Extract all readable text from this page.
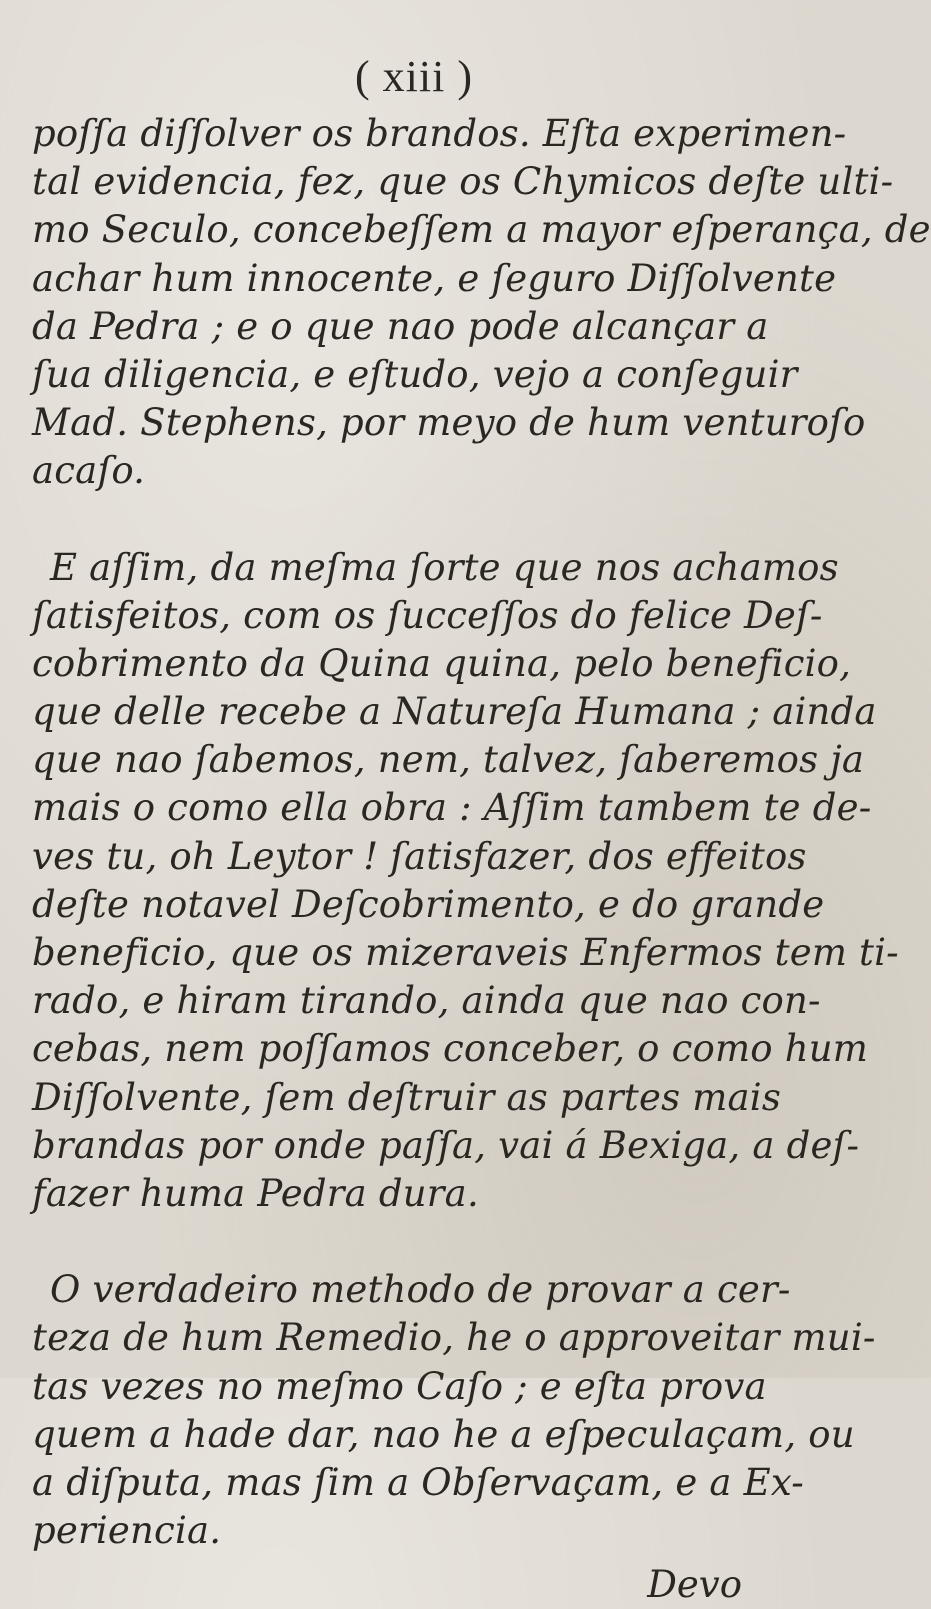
( xiii )
poſſa diſſolver os brandos. Eſta experimen-
tal evidencia, fez, que os Chymicos deſte ulti-
mo Seculo, concebeſſem a mayor eſperança, de
achar hum innocente, e ſeguro Diſſolvente
da Pedra ; e o que nao pode alcançar a
ſua diligencia, e eſtudo, vejo a conſeguir
Mad. Stephens, por meyo de hum venturoſo
acaſo.
E aſſim, da meſma ſorte que nos achamos
ſatisfeitos, com os ſucceſſos do felice Deſ-
cobrimento da Quina quina, pelo beneficio,
que delle recebe a Natureſa Humana ; ainda
que nao ſabemos, nem, talvez, ſaberemos ja
mais o como ella obra : Aſſim tambem te de-
ves tu, oh Leytor ! ſatisfazer, dos effeitos
deſte notavel Deſcobrimento, e do grande
beneficio, que os mizeraveis Enfermos tem ti-
rado, e hiram tirando, ainda que nao con-
cebas, nem poſſamos conceber, o como hum
Diſſolvente, ſem deſtruir as partes mais
brandas por onde paſſa, vai á Bexiga, a deſ-
fazer huma Pedra dura.
O verdadeiro methodo de provar a cer-
teza de hum Remedio, he o approveitar mui-
tas vezes no meſmo Caſo ; e eſta prova
quem a hade dar, nao he a eſpeculaçam, ou
a diſputa, mas ſim a Obſervaçam, e a Ex-
periencia.
Devo
